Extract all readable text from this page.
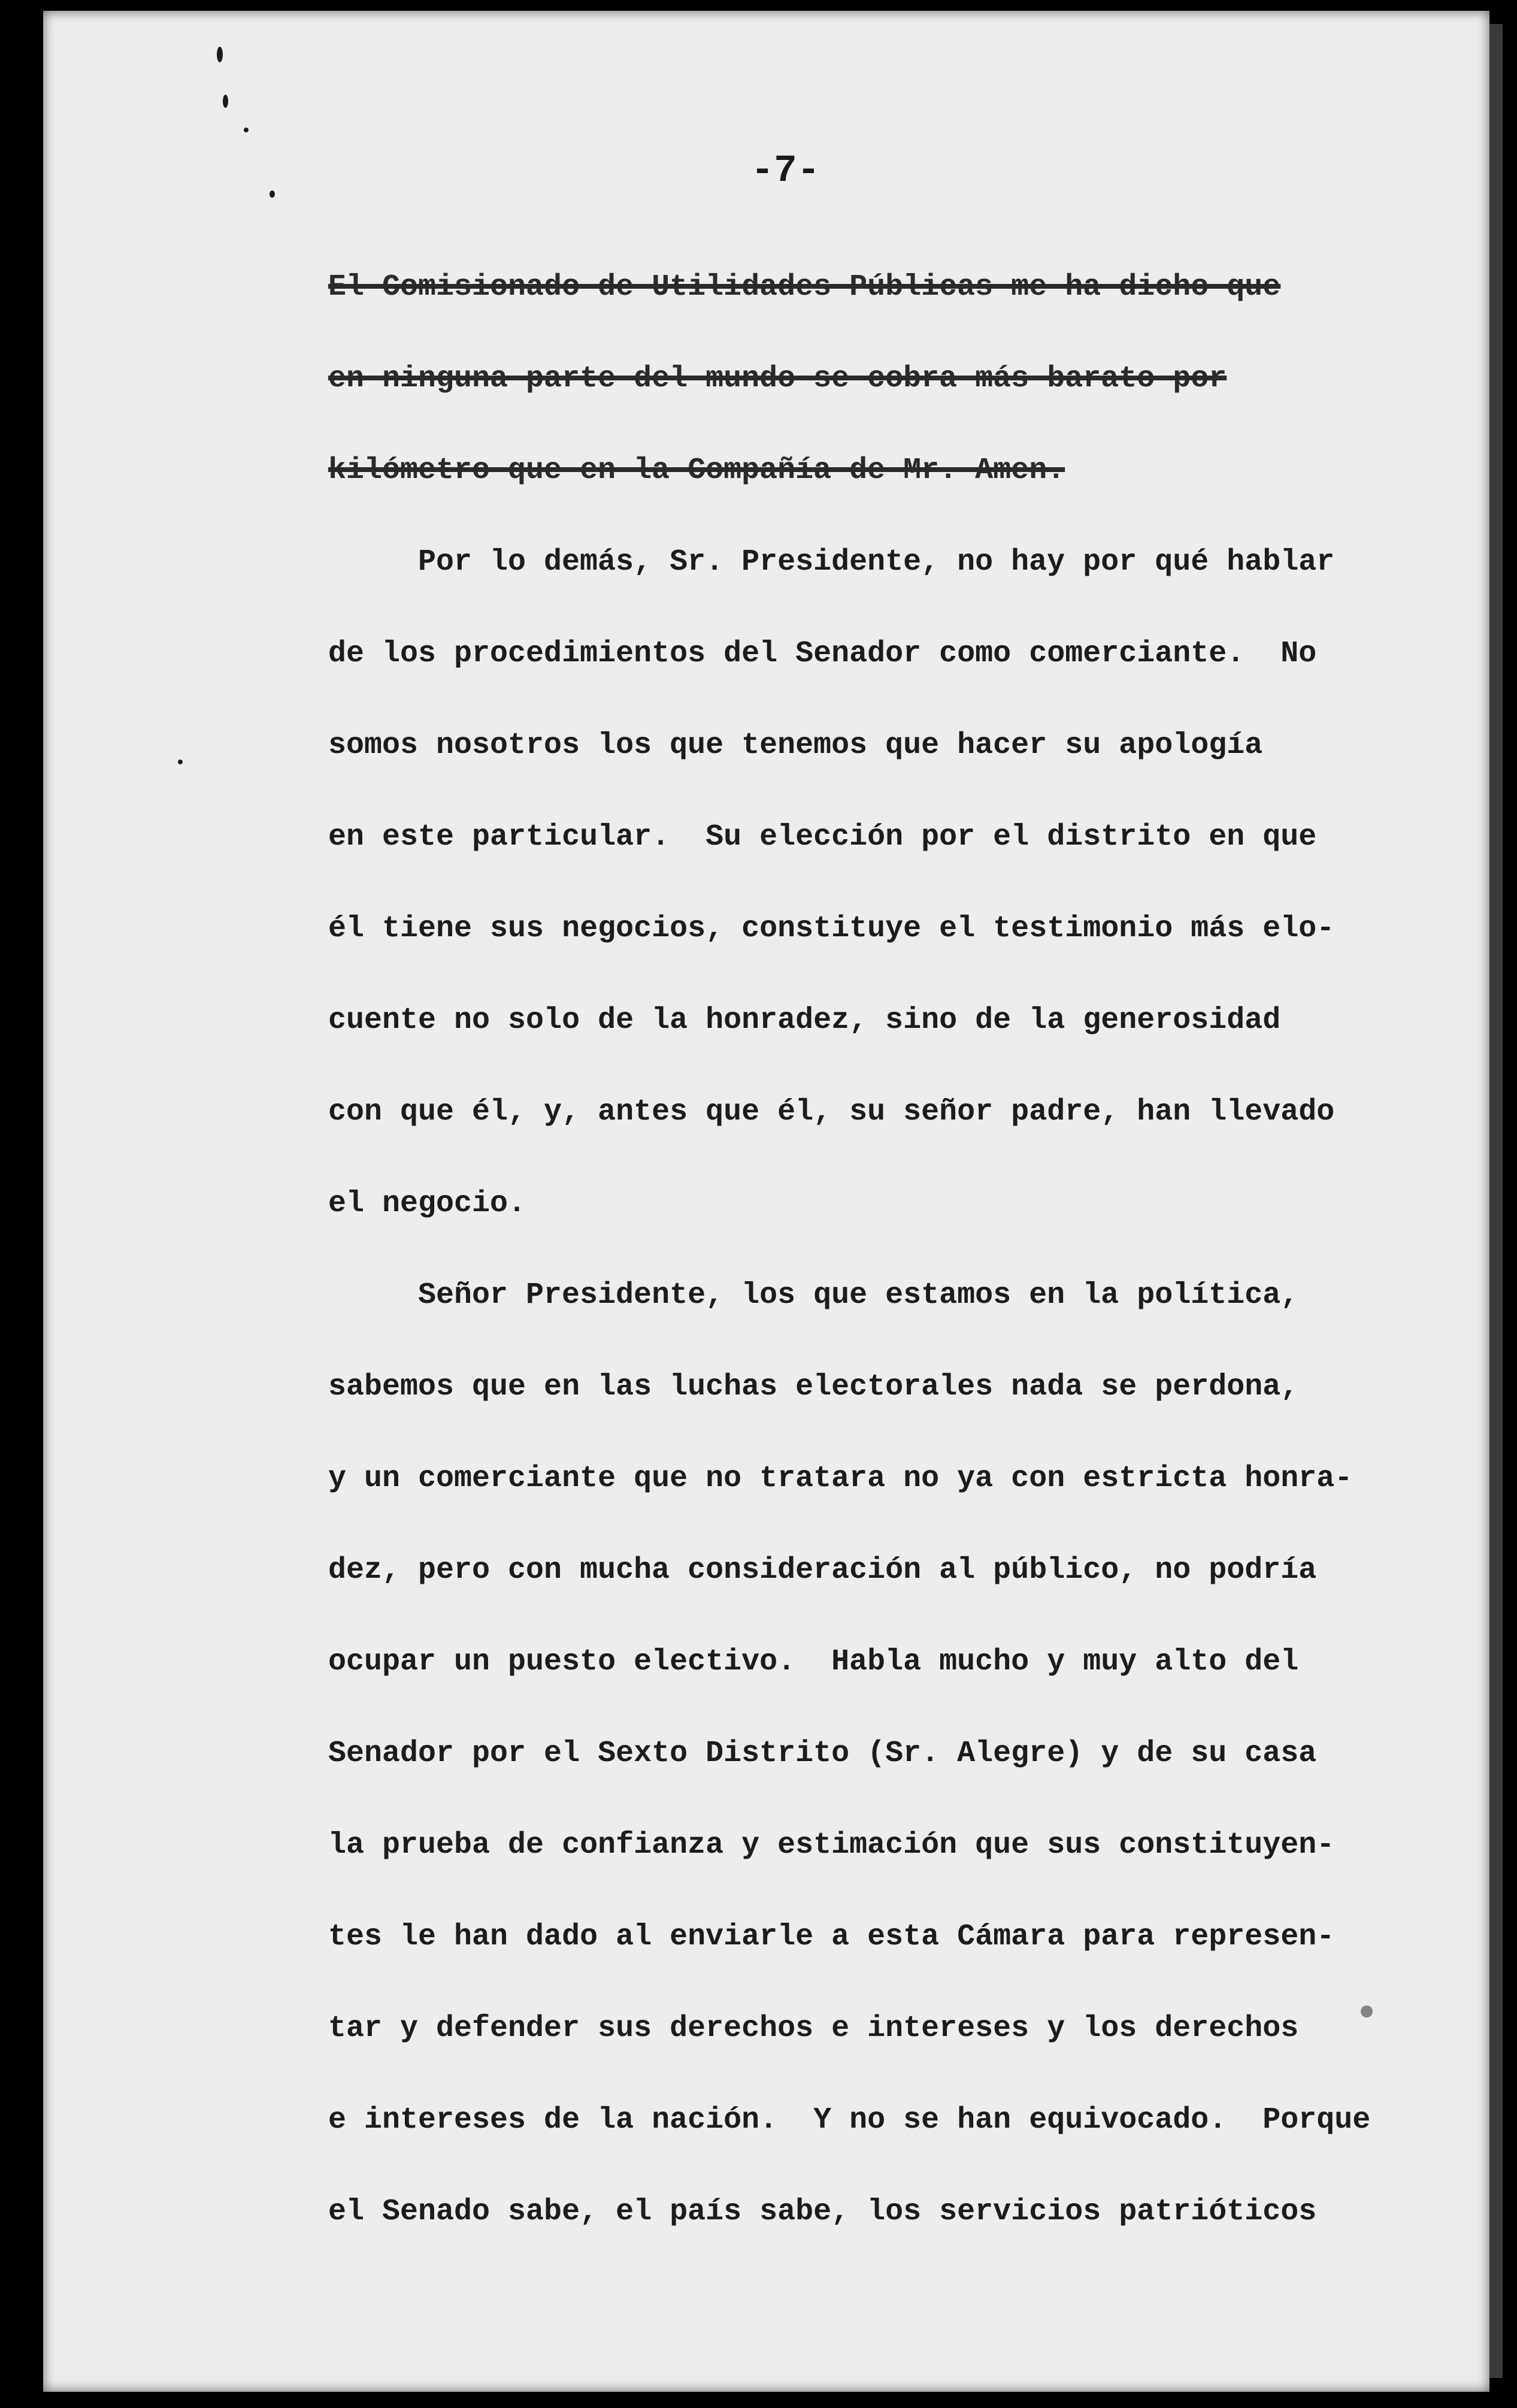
-7-
El Comisionado de Utilidades Públicas me ha dicho que
en ninguna parte del mundo se cobra más barato por
kilómetro que en la Compañía de Mr. Amen.
Por lo demás, Sr. Presidente, no hay por qué hablar
de los procedimientos del Senador como comerciante.  No
somos nosotros los que tenemos que hacer su apología
en este particular.  Su elección por el distrito en que
él tiene sus negocios, constituye el testimonio más elo-
cuente no solo de la honradez, sino de la generosidad
con que él, y, antes que él, su señor padre, han llevado
el negocio.
Señor Presidente, los que estamos en la política,
sabemos que en las luchas electorales nada se perdona,
y un comerciante que no tratara no ya con estricta honra-
dez, pero con mucha consideración al público, no podría
ocupar un puesto electivo.  Habla mucho y muy alto del
Senador por el Sexto Distrito (Sr. Alegre) y de su casa
la prueba de confianza y estimación que sus constituyen-
tes le han dado al enviarle a esta Cámara para represen-
tar y defender sus derechos e intereses y los derechos
e intereses de la nación.  Y no se han equivocado.  Porque
el Senado sabe, el país sabe, los servicios patrióticos
